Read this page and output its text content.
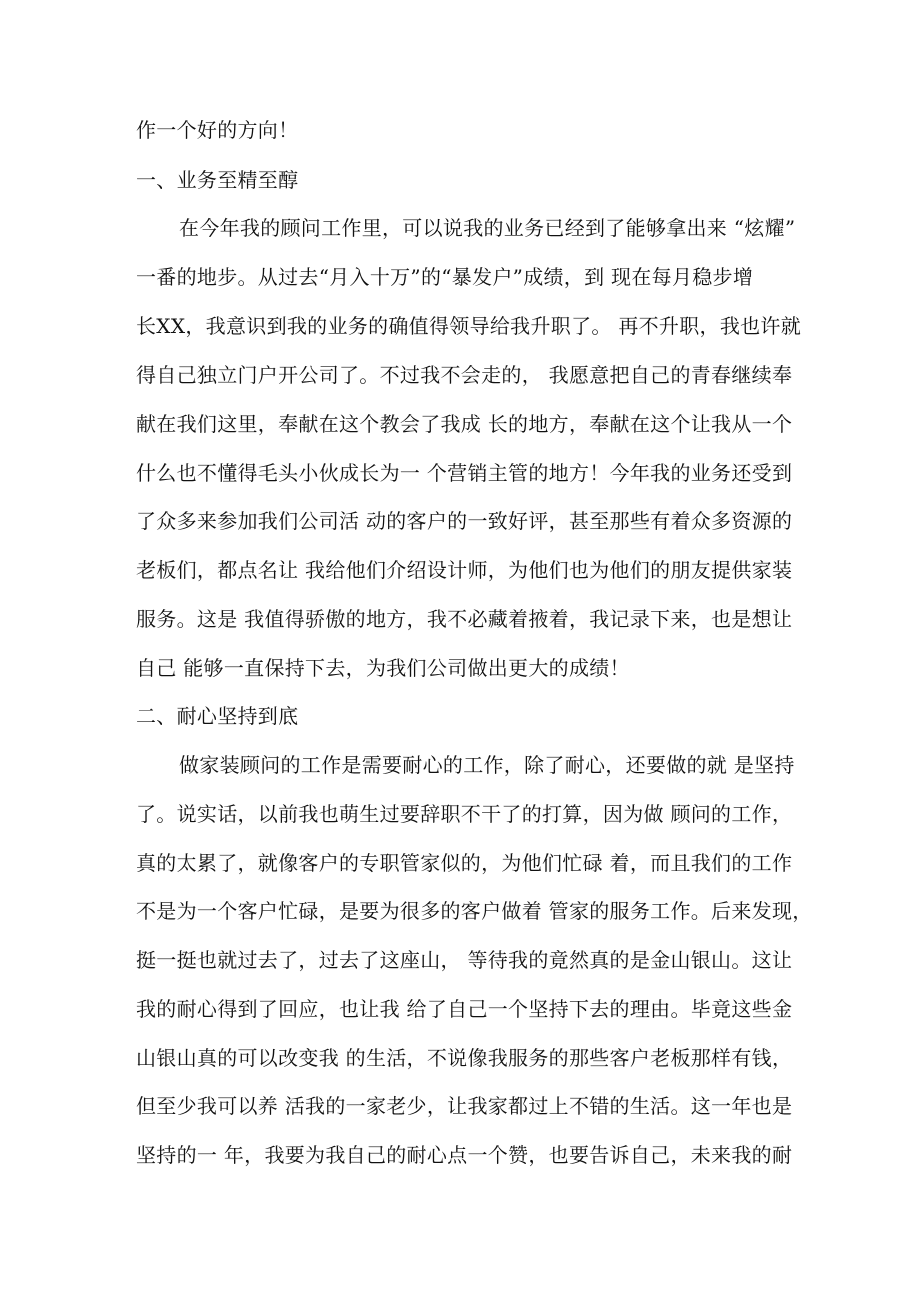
作一个好的方向！
一、业务至精至醇
在今年我的顾问工作里，可以说我的业务已经到了能够拿出来 “炫耀”
一番的地步。从过去“月入十万”的“暴发户”成绩，到 现在每月稳步增
长XX，我意识到我的业务的确值得领导给我升职了。 再不升职，我也许就
得自己独立门户开公司了。不过我不会走的， 我愿意把自己的青春继续奉
献在我们这里，奉献在这个教会了我成 长的地方，奉献在这个让我从一个
什么也不懂得毛头小伙成长为一 个营销主管的地方！今年我的业务还受到
了众多来参加我们公司活 动的客户的一致好评，甚至那些有着众多资源的
老板们，都点名让 我给他们介绍设计师，为他们也为他们的朋友提供家装
服务。这是 我值得骄傲的地方，我不必藏着掖着，我记录下来，也是想让
自己 能够一直保持下去，为我们公司做出更大的成绩！
二、耐心坚持到底
做家装顾问的工作是需要耐心的工作，除了耐心，还要做的就 是坚持
了。说实话，以前我也萌生过要辞职不干了的打算，因为做 顾问的工作，
真的太累了，就像客户的专职管家似的，为他们忙碌 着，而且我们的工作
不是为一个客户忙碌，是要为很多的客户做着 管家的服务工作。后来发现，
挺一挺也就过去了，过去了这座山， 等待我的竟然真的是金山银山。这让
我的耐心得到了回应，也让我 给了自己一个坚持下去的理由。毕竟这些金
山银山真的可以改变我 的生活，不说像我服务的那些客户老板那样有钱，
但至少我可以养 活我的一家老少，让我家都过上不错的生活。这一年也是
坚持的一 年，我要为我自己的耐心点一个赞，也要告诉自己，未来我的耐
